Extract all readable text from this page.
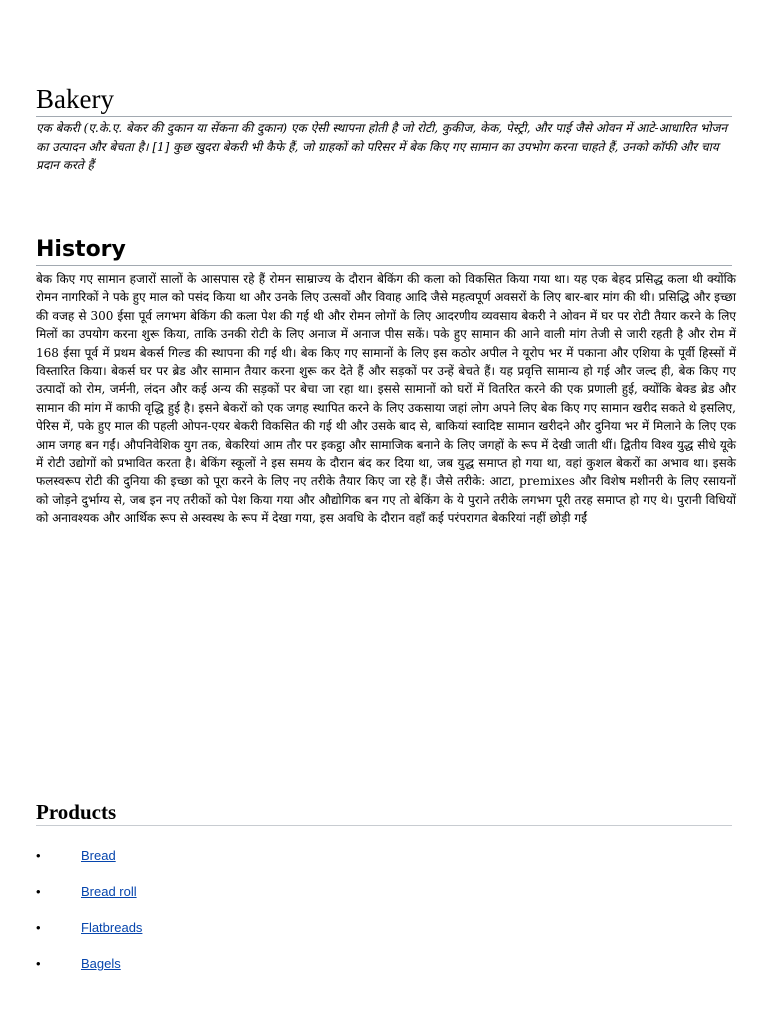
Bakery

एक बेकरी (ए.के.ए. बेकर की दुकान या सेंकना की दुकान) एक ऐसी स्थापना होती है जो रोटी, कुकीज, केक, पेस्ट्री, और पाई जैसे ओवन में आटे-आधारित भोजन का उत्पादन और बेचता है। [1] कुछ खुदरा बेकरी भी कैफे हैं, जो ग्राहकों को परिसर में बेक किए गए सामान का उपभोग करना चाहते हैं, उनको कॉफी और चाय प्रदान करते हैं

History

बेक किए गए सामान हजारों सालों के आसपास रहे हैं रोमन साम्राज्य के दौरान बेकिंग की कला को विकसित किया गया था। यह एक बेहद प्रसिद्ध कला थी क्योंकि रोमन नागरिकों ने पके हुए माल को पसंद किया था और उनके लिए उत्सवों और विवाह आदि जैसे महत्वपूर्ण अवसरों के लिए बार-बार मांग की थी। प्रसिद्धि और इच्छा की वजह से 300 ईसा पूर्व लगभग बेकिंग की कला पेश की गई थी और रोमन लोगों के लिए आदरणीय व्यवसाय बेकरी ने ओवन में घर पर रोटी तैयार करने के लिए मिलों का उपयोग करना शुरू किया, ताकि उनकी रोटी के लिए अनाज में अनाज पीस सकें। पके हुए सामान की आने वाली मांग तेजी से जारी रहती है और रोम में 168 ईसा पूर्व में प्रथम बेकर्स गिल्ड की स्थापना की गई थी। बेक किए गए सामानों के लिए इस कठोर अपील ने यूरोप भर में पकाना और एशिया के पूर्वी हिस्सों में विस्तारित किया। बेकर्स घर पर ब्रेड और सामान तैयार करना शुरू कर देते हैं और सड़कों पर उन्हें बेचते हैं। यह प्रवृत्ति सामान्य हो गई और जल्द ही, बेक किए गए उत्पादों को रोम, जर्मनी, लंदन और कई अन्य की सड़कों पर बेचा जा रहा था। इससे सामानों को घरों में वितरित करने की एक प्रणाली हुई, क्योंकि बेक्ड ब्रेड और सामान की मांग में काफी वृद्धि हुई है। इसने बेकरों को एक जगह स्थापित करने के लिए उकसाया जहां लोग अपने लिए बेक किए गए सामान खरीद सकते थे इसलिए, पेरिस में, पके हुए माल की पहली ओपन-एयर बेकरी विकसित की गई थी और उसके बाद से, बाकियां स्वादिष्ट सामान खरीदने और दुनिया भर में मिलाने के लिए एक आम जगह बन गईं। औपनिवेशिक युग तक, बेकरियां आम तौर पर इकट्ठा और सामाजिक बनाने के लिए जगहों के रूप में देखी जाती थीं। द्वितीय विश्व युद्ध सीधे यूके में रोटी उद्योगों को प्रभावित करता है। बेकिंग स्कूलों ने इस समय के दौरान बंद कर दिया था, जब युद्ध समाप्त हो गया था, वहां कुशल बेकरों का अभाव था। इसके फलस्वरूप रोटी की दुनिया की इच्छा को पूरा करने के लिए नए तरीके तैयार किए जा रहे हैं। जैसे तरीके: आटा, premixes और विशेष मशीनरी के लिए रसायनों को जोड़ने दुर्भाग्य से, जब इन नए तरीकों को पेश किया गया और औद्योगिक बन गए तो बेकिंग के ये पुराने तरीके लगभग पूरी तरह समाप्त हो गए थे। पुरानी विधियों को अनावश्यक और आर्थिक रूप से अस्वस्थ के रूप में देखा गया, इस अवधि के दौरान वहाँ कई परंपरागत बेकरियां नहीं छोड़ी गईं

Products
•	Bread
•	Bread roll
•	Flatbreads
•	Bagels
